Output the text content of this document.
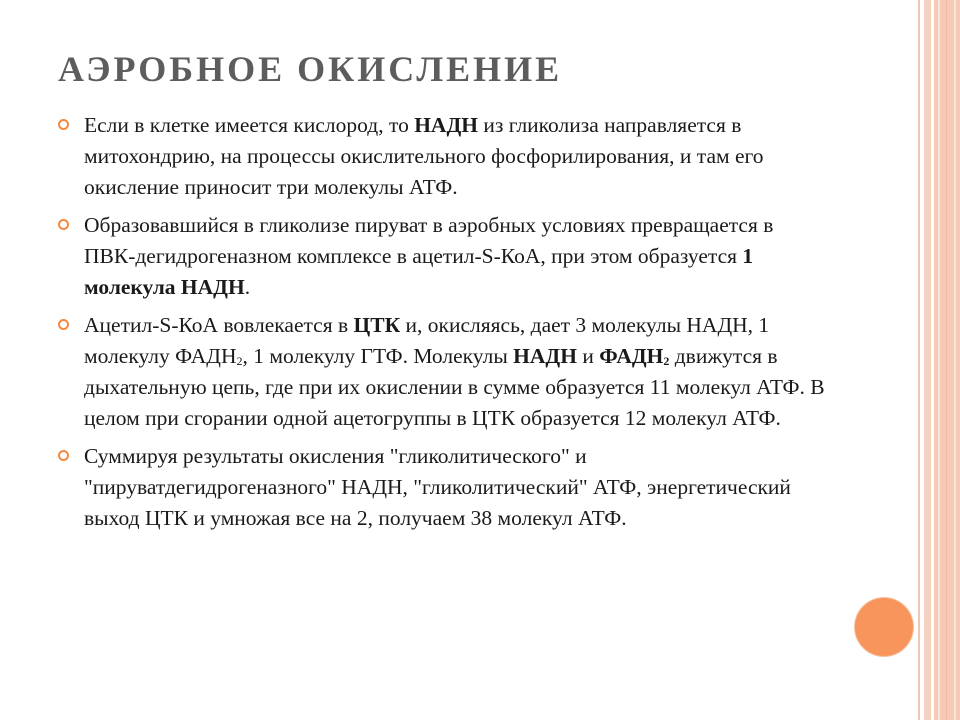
АЭРОБНОЕ ОКИСЛЕНИЕ

Если в клетке имеется кислород, то НАДН из гликолиза направляется в митохондрию, на процессы окислительного фосфорилирования, и там его окисление приносит три молекулы АТФ.

Образовавшийся в гликолизе пируват в аэробных условиях превращается в ПВК-дегидрогеназном комплексе в ацетил-S-КоА, при этом образуется 1 молекула НАДН.

Ацетил-S-КоА вовлекается в ЦТК и, окисляясь, дает 3 молекулы НАДН, 1 молекулу $ФАДН_2$, 1 молекулу ГТФ. Молекулы НАДН и $ФАДН_2$ движутся в дыхательную цепь, где при их окислении в сумме образуется 11 молекул АТФ. В целом при сгорании одной ацетогруппы в ЦТК образуется 12 молекул АТФ.

Суммируя результаты окисления "гликолитического" и "пируватдегидрогеназного" НАДН, "гликолитический" АТФ, энергетический выход ЦТК и умножая все на 2, получаем 38 молекул АТФ.
